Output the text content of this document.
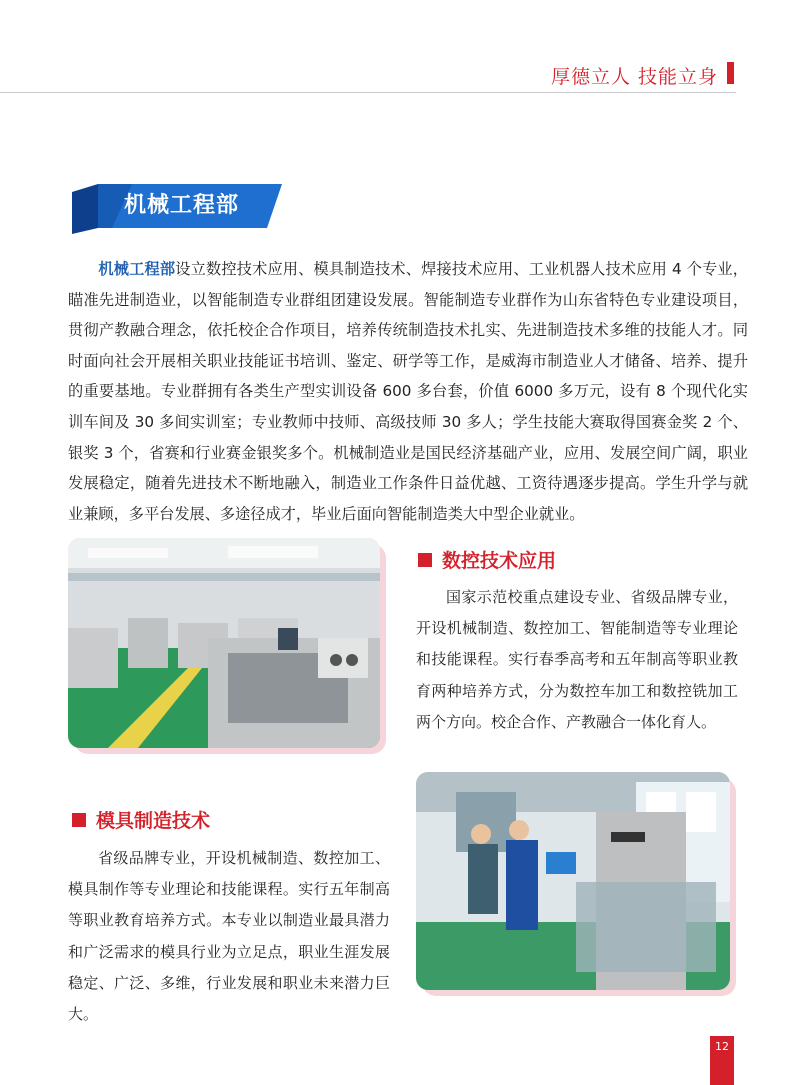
厚德立人 技能立身
机械工程部

机械工程部设立数控技术应用、模具制造技术、焊接技术应用、工业机器人技术应用 4 个专业，瞄准先进制造业，以智能制造专业群组团建设发展。智能制造专业群作为山东省特色专业建设项目，贯彻产教融合理念，依托校企合作项目，培养传统制造技术扎实、先进制造技术多维的技能人才。同时面向社会开展相关职业技能证书培训、鉴定、研学等工作，是威海市制造业人才储备、培养、提升的重要基地。专业群拥有各类生产型实训设备 600 多台套，价值 6000 多万元，设有 8 个现代化实训车间及 30 多间实训室；专业教师中技师、高级技师 30 多人；学生技能大赛取得国赛金奖 2 个、银奖 3 个，省赛和行业赛金银奖多个。机械制造业是国民经济基础产业，应用、发展空间广阔，职业发展稳定，随着先进技术不断地融入，制造业工作条件日益优越、工资待遇逐步提高。学生升学与就业兼顾，多平台发展、多途径成才，毕业后面向智能制造类大中型企业就业。

数控技术应用

国家示范校重点建设专业、省级品牌专业，开设机械制造、数控加工、智能制造等专业理论和技能课程。实行春季高考和五年制高等职业教育两种培养方式，分为数控车加工和数控铣加工两个方向。校企合作、产教融合一体化育人。

模具制造技术

省级品牌专业，开设机械制造、数控加工、模具制作等专业理论和技能课程。实行五年制高等职业教育培养方式。本专业以制造业最具潜力和广泛需求的模具行业为立足点，职业生涯发展稳定、广泛、多维，行业发展和职业未来潜力巨大。

12
